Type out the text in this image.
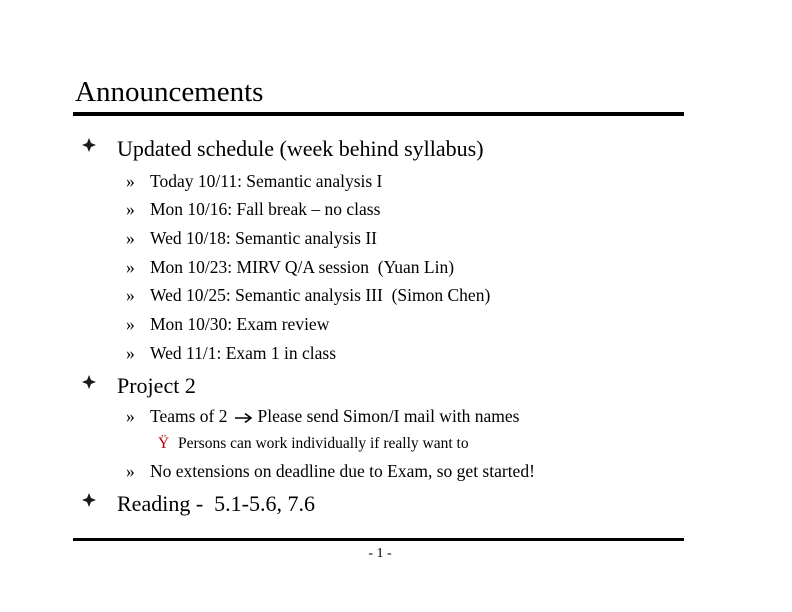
Announcements
Updated schedule (week behind syllabus)
» Today 10/11: Semantic analysis I
» Mon 10/16: Fall break – no class
» Wed 10/18: Semantic analysis II
» Mon 10/23: MIRV Q/A session  (Yuan Lin)
» Wed 10/25: Semantic analysis III  (Simon Chen)
» Mon 10/30: Exam review
» Wed 11/1: Exam 1 in class
Project 2
» Teams of 2 Please send Simon/I mail with names
Ÿ Persons can work individually if really want to
» No extensions on deadline due to Exam, so get started!
Reading -  5.1-5.6, 7.6
- 1 -
